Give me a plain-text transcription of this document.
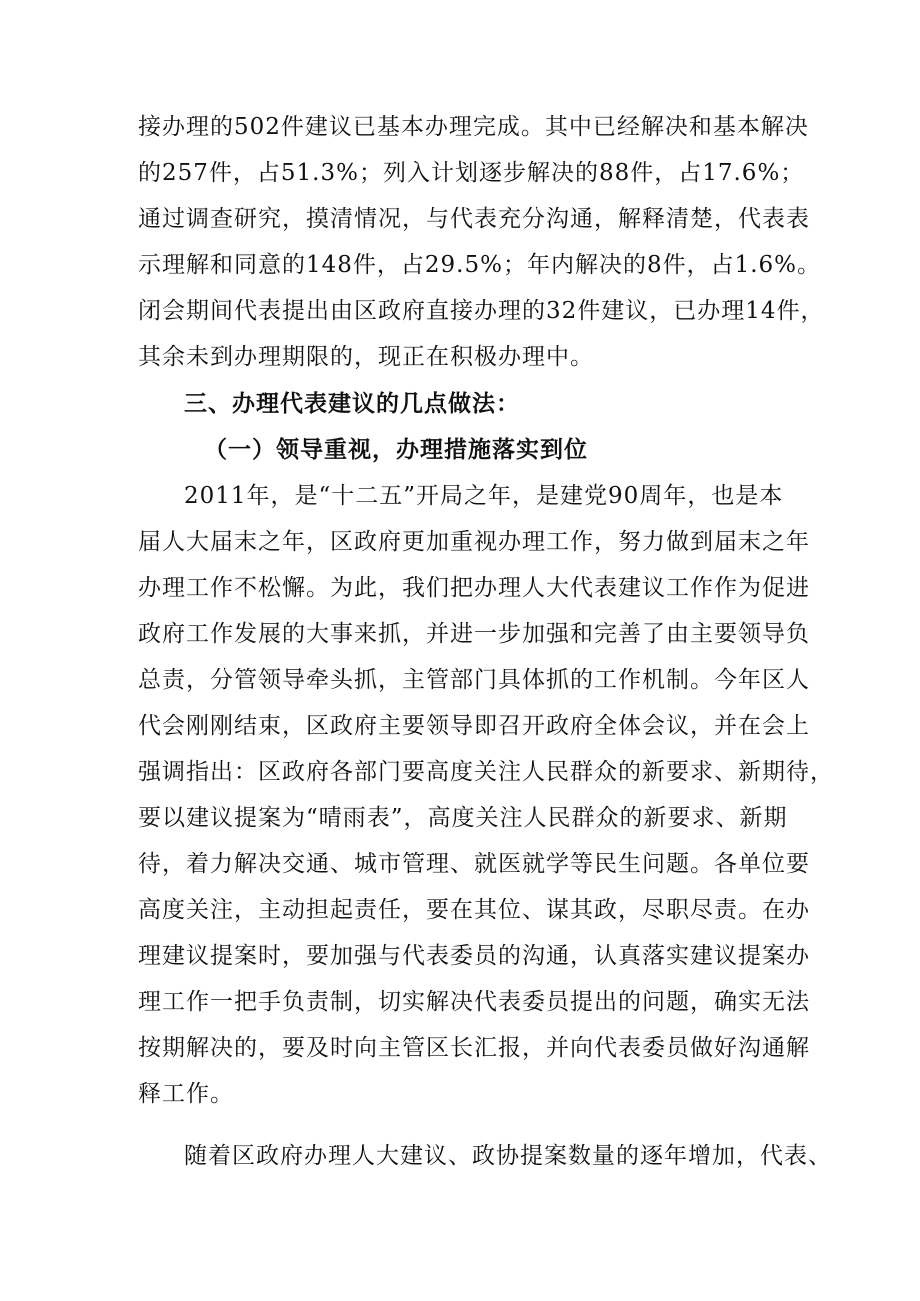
接办理的502件建议已基本办理完成。其中已经解决和基本解决
的257件，占51.3%；列入计划逐步解决的88件，占17.6%；
通过调查研究，摸清情况，与代表充分沟通，解释清楚，代表表
示理解和同意的148件，占29.5%；年内解决的8件，占1.6%。
闭会期间代表提出由区政府直接办理的32件建议，已办理14件，
其余未到办理期限的，现正在积极办理中。
三、办理代表建议的几点做法：
（一）领导重视，办理措施落实到位
2011年，是“十二五”开局之年，是建党90周年，也是本
届人大届末之年，区政府更加重视办理工作，努力做到届末之年
办理工作不松懈。为此，我们把办理人大代表建议工作作为促进
政府工作发展的大事来抓，并进一步加强和完善了由主要领导负
总责，分管领导牵头抓，主管部门具体抓的工作机制。今年区人
代会刚刚结束，区政府主要领导即召开政府全体会议，并在会上
强调指出：区政府各部门要高度关注人民群众的新要求、新期待，
要以建议提案为“晴雨表”，高度关注人民群众的新要求、新期
待，着力解决交通、城市管理、就医就学等民生问题。各单位要
高度关注，主动担起责任，要在其位、谋其政，尽职尽责。在办
理建议提案时，要加强与代表委员的沟通，认真落实建议提案办
理工作一把手负责制，切实解决代表委员提出的问题，确实无法
按期解决的，要及时向主管区长汇报，并向代表委员做好沟通解
释工作。
随着区政府办理人大建议、政协提案数量的逐年增加，代表、
